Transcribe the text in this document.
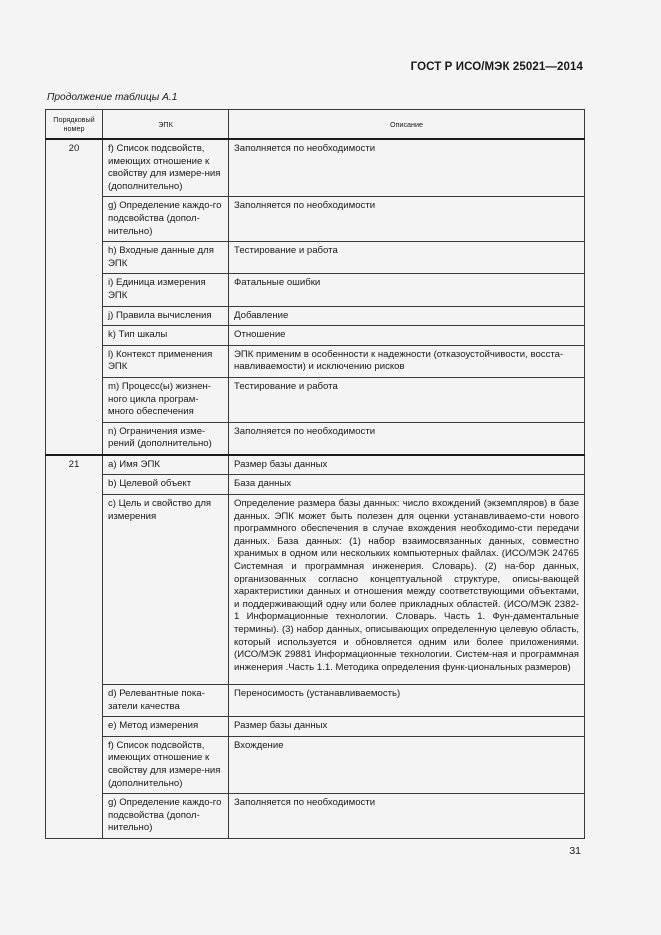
ГОСТ Р ИСО/МЭК 25021—2014
Продолжение таблицы А.1
Порядковый номер	ЭПК	Описание
20	f) Список подсвойств, имеющих отношение к свойству для измере-ния (дополнительно)	Заполняется по необходимости
	g) Определение каждо-го подсвойства (допол-нительно)	Заполняется по необходимости
	h) Входные данные для ЭПК	Тестирование и работа
	i) Единица измерения ЭПК	Фатальные ошибки
	j) Правила вычисления	Добавление
	k) Тип шкалы	Отношение
	l) Контекст применения ЭПК	ЭПК применим в особенности к надежности (отказоустойчивости, восста-навливаемости) и исключению рисков
	m) Процесс(ы) жизнен-ного цикла програм-много обеспечения	Тестирование и работа
	n) Ограничения изме-рений (дополнительно)	Заполняется по необходимости
21	a) Имя ЭПК	Размер базы данных
	b) Целевой объект	База данных
	c) Цель и свойство для измерения	Определение размера базы данных: число вхождений (экземпляров) в базе данных. ЭПК может быть полезен для оценки устанавливаемо-сти нового программного обеспечения в случае вхождения необходимо-сти передачи данных. База данных: (1) набор взаимосвязанных данных, совместно хранимых в одном или нескольких компьютерных файлах. (ИСО/МЭК 24765 Системная и программная инженерия. Словарь). (2) на-бор данных, организованных согласно концептуальной структуре, описы-вающей характеристики данных и отношения между соответствующими объектами, и поддерживающий одну или более прикладных областей. (ИСО/МЭК 2382-1 Информационные технологии. Словарь. Часть 1. Фун-даментальные термины). (3) набор данных, описывающих определенную целевую область, который используется и обновляется одним или более приложениями. (ИСО/МЭК 29881 Информационные технологии. Систем-ная и программная инженерия .Часть 1.1. Методика определения функ-циональных размеров)
	d) Релевантные пока-затели качества	Переносимость (устанавливаемость)
	e) Метод измерения	Размер базы данных
	f) Список подсвойств, имеющих отношение к свойству для измере-ния (дополнительно)	Вхождение
	g) Определение каждо-го подсвойства (допол-нительно)	Заполняется по необходимости
31
